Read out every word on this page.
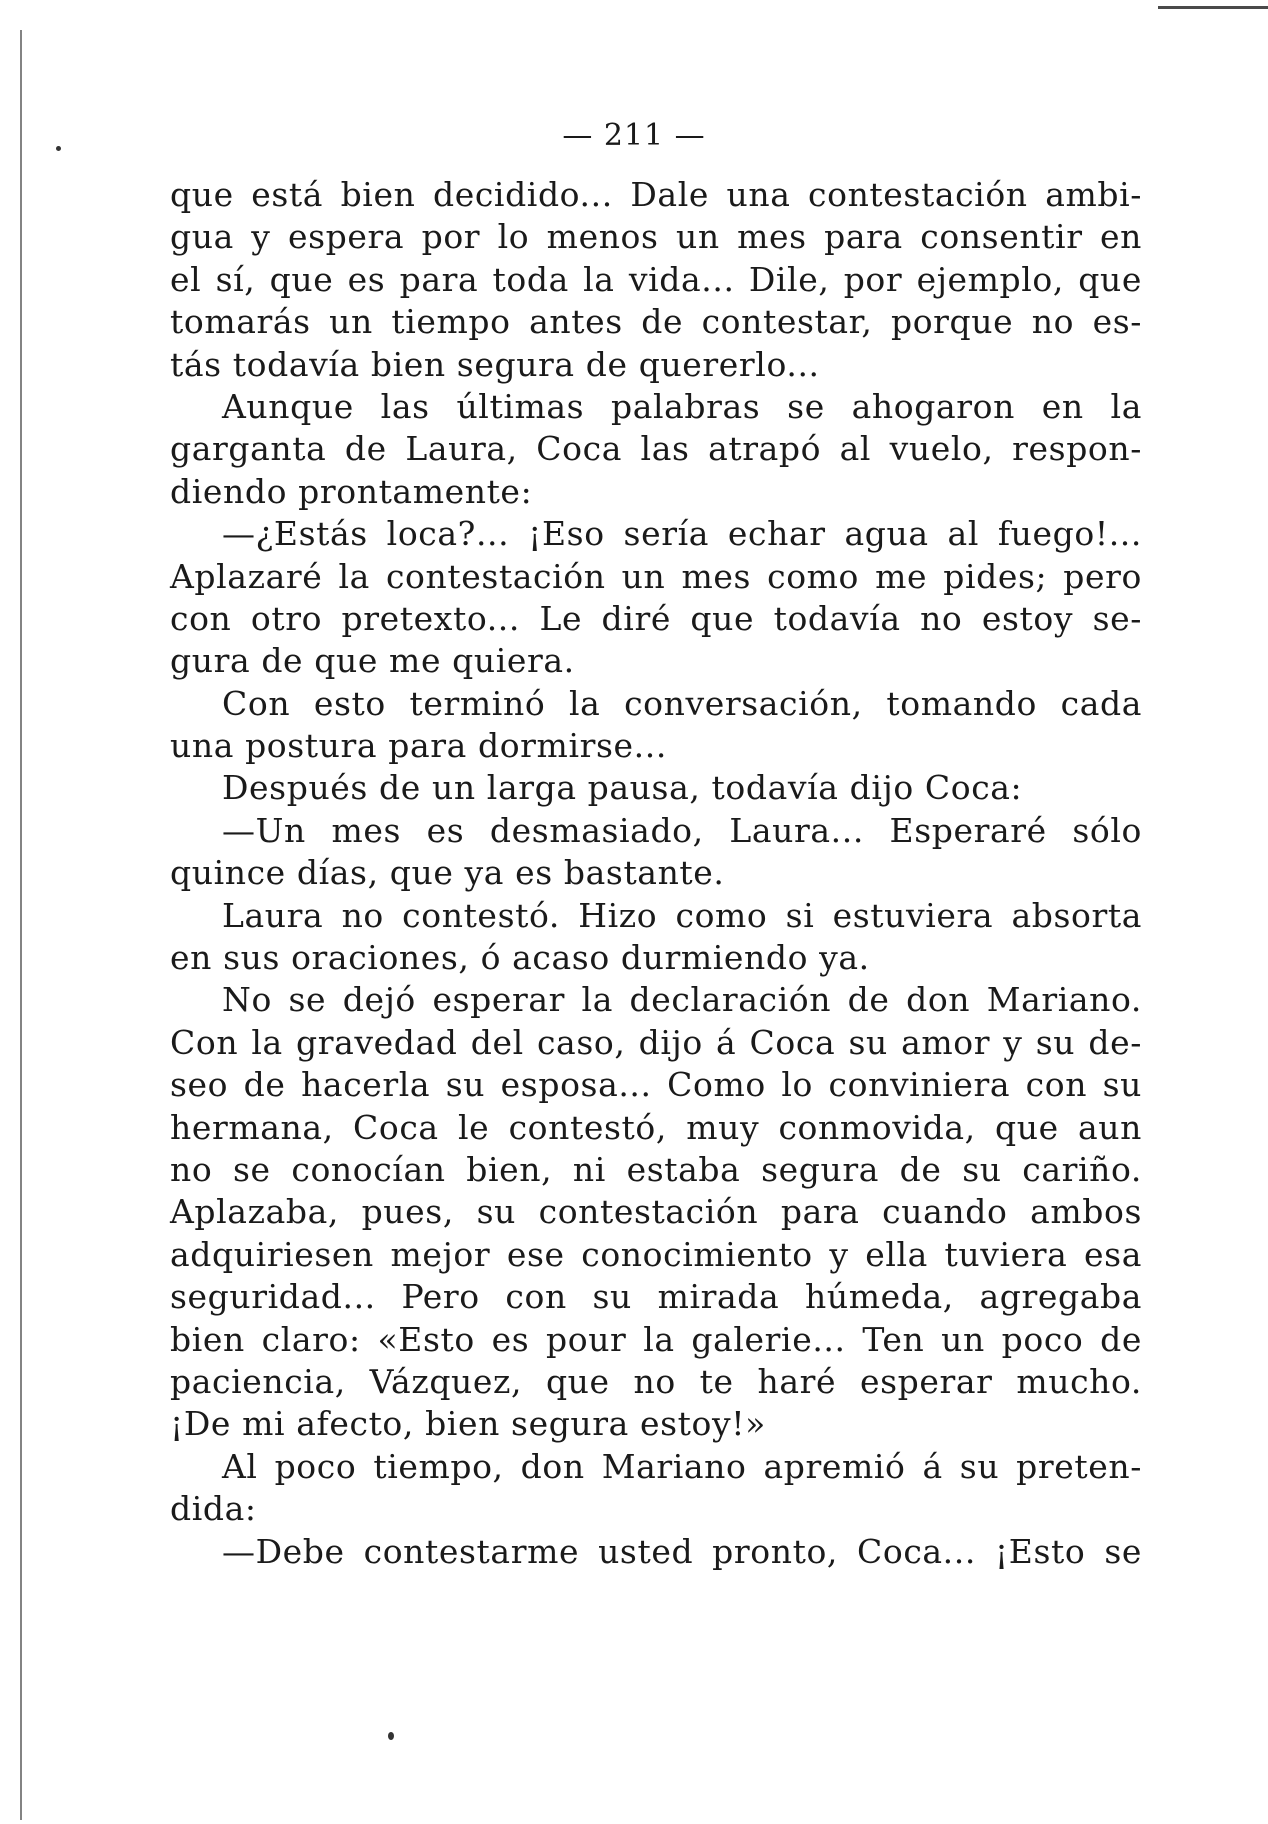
— 211 —
que está bien decidido... Dale una contestación ambi-
gua y espera por lo menos un mes para consentir en
el sí, que es para toda la vida... Dile, por ejemplo, que
tomarás un tiempo antes de contestar, porque no es-
tás todavía bien segura de quererlo...
Aunque las últimas palabras se ahogaron en la
garganta de Laura, Coca las atrapó al vuelo, respon-
diendo prontamente:
—¿Estás loca?... ¡Eso sería echar agua al fuego!...
Aplazaré la contestación un mes como me pides; pero
con otro pretexto... Le diré que todavía no estoy se-
gura de que me quiera.
Con esto terminó la conversación, tomando cada
una postura para dormirse...
Después de un larga pausa, todavía dijo Coca:
—Un mes es desmasiado, Laura... Esperaré sólo
quince días, que ya es bastante.
Laura no contestó. Hizo como si estuviera absorta
en sus oraciones, ó acaso durmiendo ya.
No se dejó esperar la declaración de don Mariano.
Con la gravedad del caso, dijo á Coca su amor y su de-
seo de hacerla su esposa... Como lo conviniera con su
hermana, Coca le contestó, muy conmovida, que aun
no se conocían bien, ni estaba segura de su cariño.
Aplazaba, pues, su contestación para cuando ambos
adquiriesen mejor ese conocimiento y ella tuviera esa
seguridad... Pero con su mirada húmeda, agregaba
bien claro: «Esto es pour la galerie... Ten un poco de
paciencia, Vázquez, que no te haré esperar mucho.
¡De mi afecto, bien segura estoy!»
Al poco tiempo, don Mariano apremió á su preten-
dida:
—Debe contestarme usted pronto, Coca... ¡Esto se
